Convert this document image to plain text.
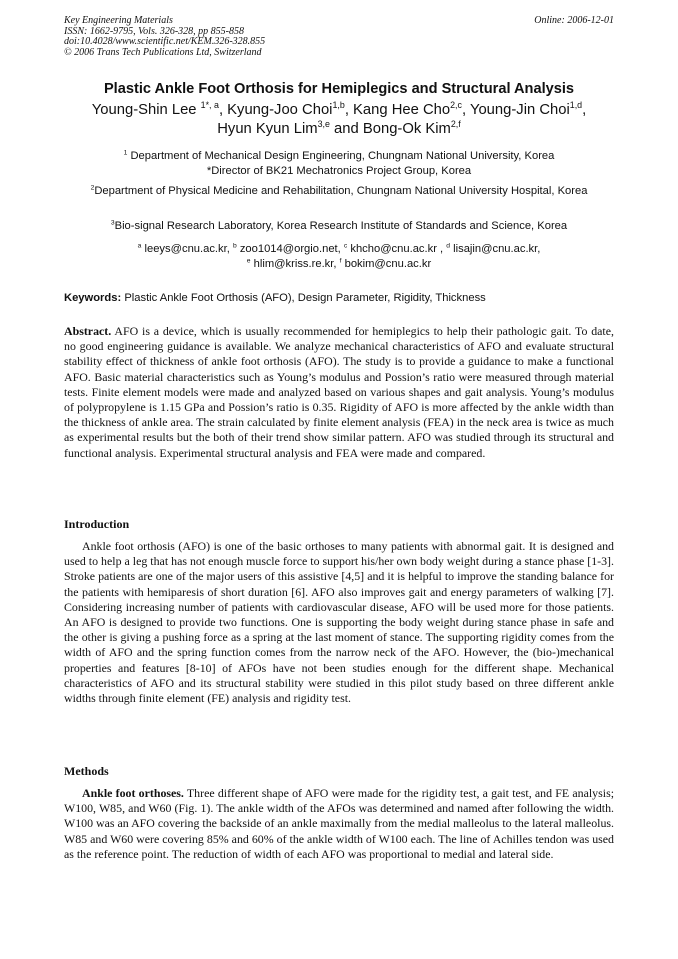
Key Engineering Materials
ISSN: 1662-9795, Vols. 326-328, pp 855-858
doi:10.4028/www.scientific.net/KEM.326-328.855
© 2006 Trans Tech Publications Ltd, Switzerland
Online: 2006-12-01
Plastic Ankle Foot Orthosis for Hemiplegics and Structural Analysis
Young-Shin Lee $^{1*, a}$, Kyung-Joo Choi$^{1,b}$, Kang Hee Cho$^{2,c}$, Young-Jin Choi$^{1,d}$,
Hyun Kyun Lim$^{3,e}$ and Bong-Ok Kim$^{2,f}$
$^1$ Department of Mechanical Design Engineering, Chungnam National University, Korea
*Director of BK21 Mechatronics Project Group, Korea
$^2$Department of Physical Medicine and Rehabilitation, Chungnam National University Hospital, Korea
$^3$Bio-signal Research Laboratory, Korea Research Institute of Standards and Science, Korea
$^a$ leeys@cnu.ac.kr, $^b$ zoo1014@orgio.net, $^c$ khcho@cnu.ac.kr , $^d$ lisajin@cnu.ac.kr,
$^e$ hlim@kriss.re.kr, $^f$ bokim@cnu.ac.kr
Keywords: Plastic Ankle Foot Orthosis (AFO), Design Parameter, Rigidity, Thickness
Abstract. AFO is a device, which is usually recommended for hemiplegics to help their pathologic gait. To date, no good engineering guidance is available. We analyze mechanical characteristics of AFO and evaluate structural stability effect of thickness of ankle foot orthosis (AFO). The study is to provide a guidance to make a functional AFO. Basic material characteristics such as Young’s modulus and Possion’s ratio were measured through material tests. Finite element models were made and analyzed based on various shapes and gait analysis. Young’s modulus of polypropylene is 1.15 GPa and Possion’s ratio is 0.35. Rigidity of AFO is more affected by the ankle width than the thickness of ankle area. The strain calculated by finite element analysis (FEA) in the neck area is twice as much as experimental results but the both of their trend show similar pattern. AFO was studied through its structural and functional analysis. Experimental structural analysis and FEA were made and compared.
Introduction
Ankle foot orthosis (AFO) is one of the basic orthoses to many patients with abnormal gait. It is designed and used to help a leg that has not enough muscle force to support his/her own body weight during a stance phase [1-3]. Stroke patients are one of the major users of this assistive [4,5] and it is helpful to improve the standing balance for the patients with hemiparesis of short duration [6]. AFO also improves gait and energy parameters of walking [7]. Considering increasing number of patients with cardiovascular disease, AFO will be used more for those patients. An AFO is designed to provide two functions. One is supporting the body weight during stance phase in safe and the other is giving a pushing force as a spring at the last moment of stance. The supporting rigidity comes from the width of AFO and the spring function comes from the narrow neck of the AFO. However, the (bio-)mechanical properties and features [8-10] of AFOs have not been studies enough for the different shape. Mechanical characteristics of AFO and its structural stability were studied in this pilot study based on three different ankle widths through finite element (FE) analysis and rigidity test.
Methods
Ankle foot orthoses. Three different shape of AFO were made for the rigidity test, a gait test, and FE analysis; W100, W85, and W60 (Fig. 1). The ankle width of the AFOs was determined and named after following the width. W100 was an AFO covering the backside of an ankle maximally from the medial malleolus to the lateral malleolus. W85 and W60 were covering 85% and 60% of the ankle width of W100 each. The line of Achilles tendon was used as the reference point. The reduction of width of each AFO was proportional to medial and lateral side.
